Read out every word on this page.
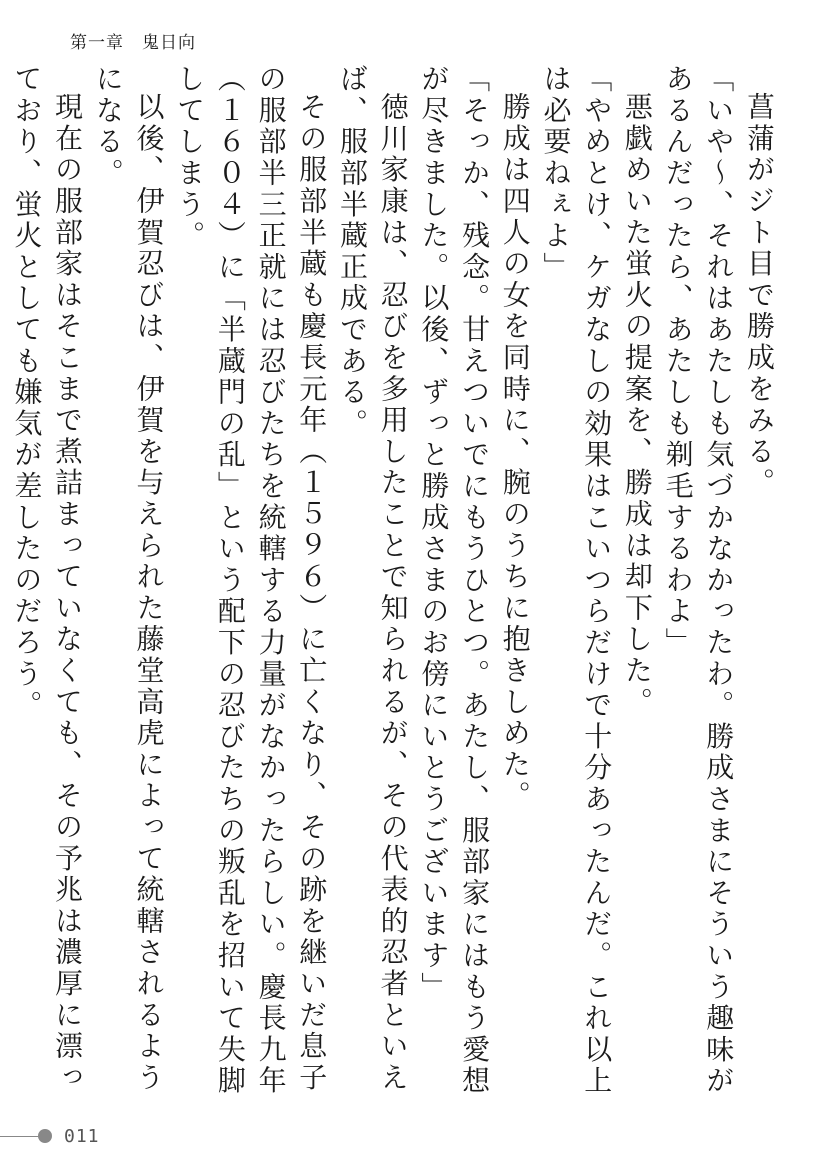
第一章 鬼日向

菖蒲がジト目で勝成をみる。

「いや〜、それはあたしも気づかなかったわ。勝成さまにそういう趣味があるんだったら、あたしも剃毛するわよ」

悪戯めいた蛍火の提案を、勝成は却下した。

「やめとけ、ケガなしの効果はこいつらだけで十分あったんだ。これ以上は必要ねぇよ」

勝成は四人の女を同時に、腕のうちに抱きしめた。

「そっか、残念。甘えついでにもうひとつ。あたし、服部家にはもう愛想が尽きました。以後、ずっと勝成さまのお傍にいとうございます」

徳川家康は、忍びを多用したことで知られるが、その代表的忍者といえば、服部半蔵正成である。

その服部半蔵も慶長元年（１５９６）に亡くなり、その跡を継いだ息子の服部半三正就には忍びたちを統轄する力量がなかったらしい。慶長九年（１６０４）に「半蔵門の乱」という配下の忍びたちの叛乱を招いて失脚してしまう。

以後、伊賀忍びは、伊賀を与えられた藤堂高虎によって統轄されるようになる。

現在の服部家はそこまで煮詰まっていなくても、その予兆は濃厚に漂っており、蛍火としても嫌気が差したのだろう。

011
